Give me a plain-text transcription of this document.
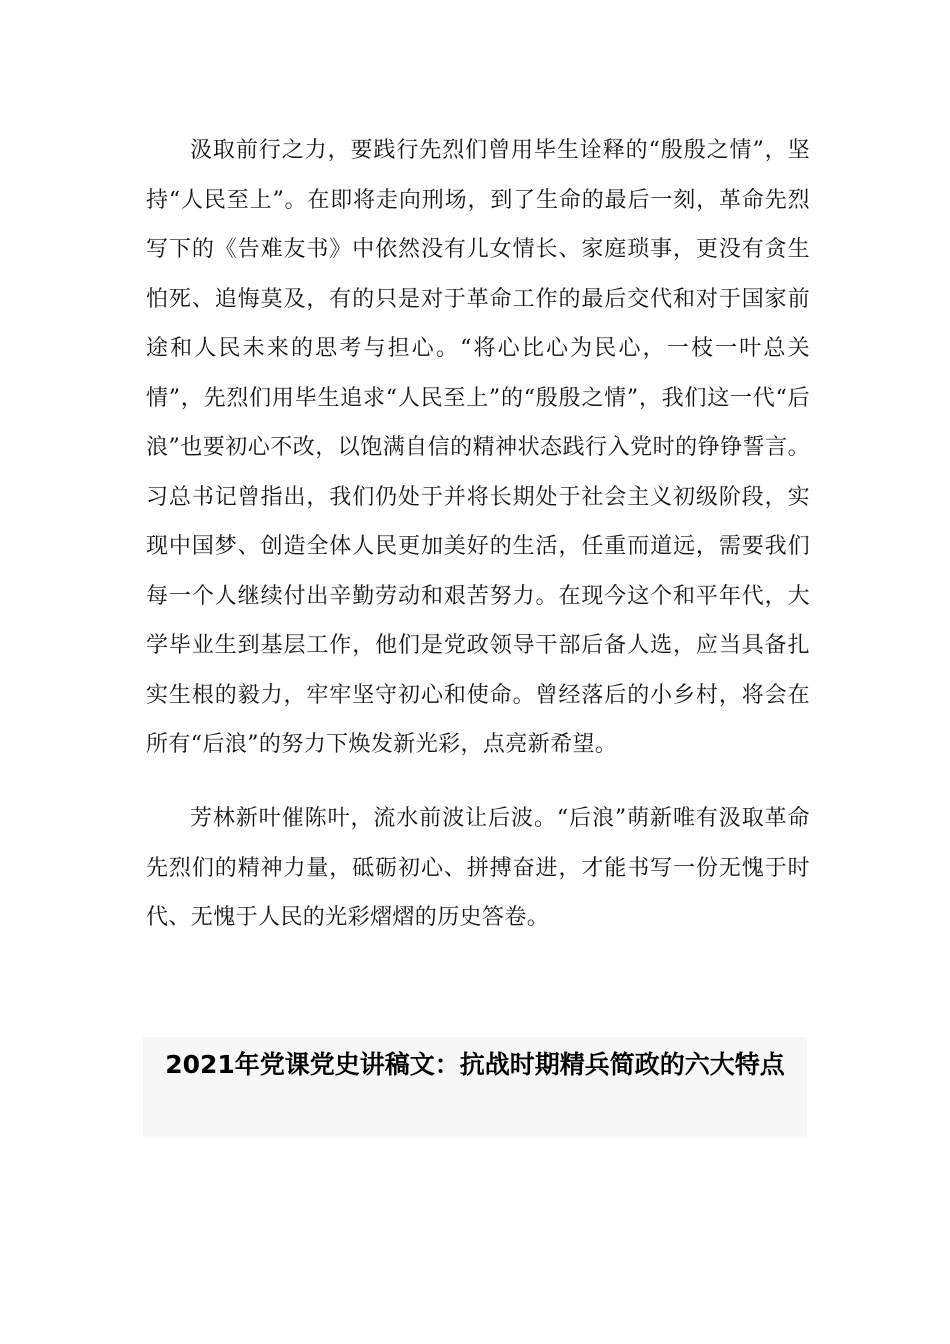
汲取前行之力，要践行先烈们曾用毕生诠释的“殷殷之情”，坚持“人民至上”。在即将走向刑场，到了生命的最后一刻，革命先烈写下的《告难友书》中依然没有儿女情长、家庭琐事，更没有贪生怕死、追悔莫及，有的只是对于革命工作的最后交代和对于国家前途和人民未来的思考与担心。“将心比心为民心，一枝一叶总关情”，先烈们用毕生追求“人民至上”的“殷殷之情”，我们这一代“后浪”也要初心不改，以饱满自信的精神状态践行入党时的铮铮誓言。习总书记曾指出，我们仍处于并将长期处于社会主义初级阶段，实现中国梦、创造全体人民更加美好的生活，任重而道远，需要我们每一个人继续付出辛勤劳动和艰苦努力。在现今这个和平年代，大学毕业生到基层工作，他们是党政领导干部后备人选，应当具备扎实生根的毅力，牢牢坚守初心和使命。曾经落后的小乡村，将会在所有“后浪”的努力下焕发新光彩，点亮新希望。

芳林新叶催陈叶，流水前波让后波。“后浪”萌新唯有汲取革命先烈们的精神力量，砥砺初心、拼搏奋进，才能书写一份无愧于时代、无愧于人民的光彩熠熠的历史答卷。

2021年党课党史讲稿文：抗战时期精兵简政的六大特点
